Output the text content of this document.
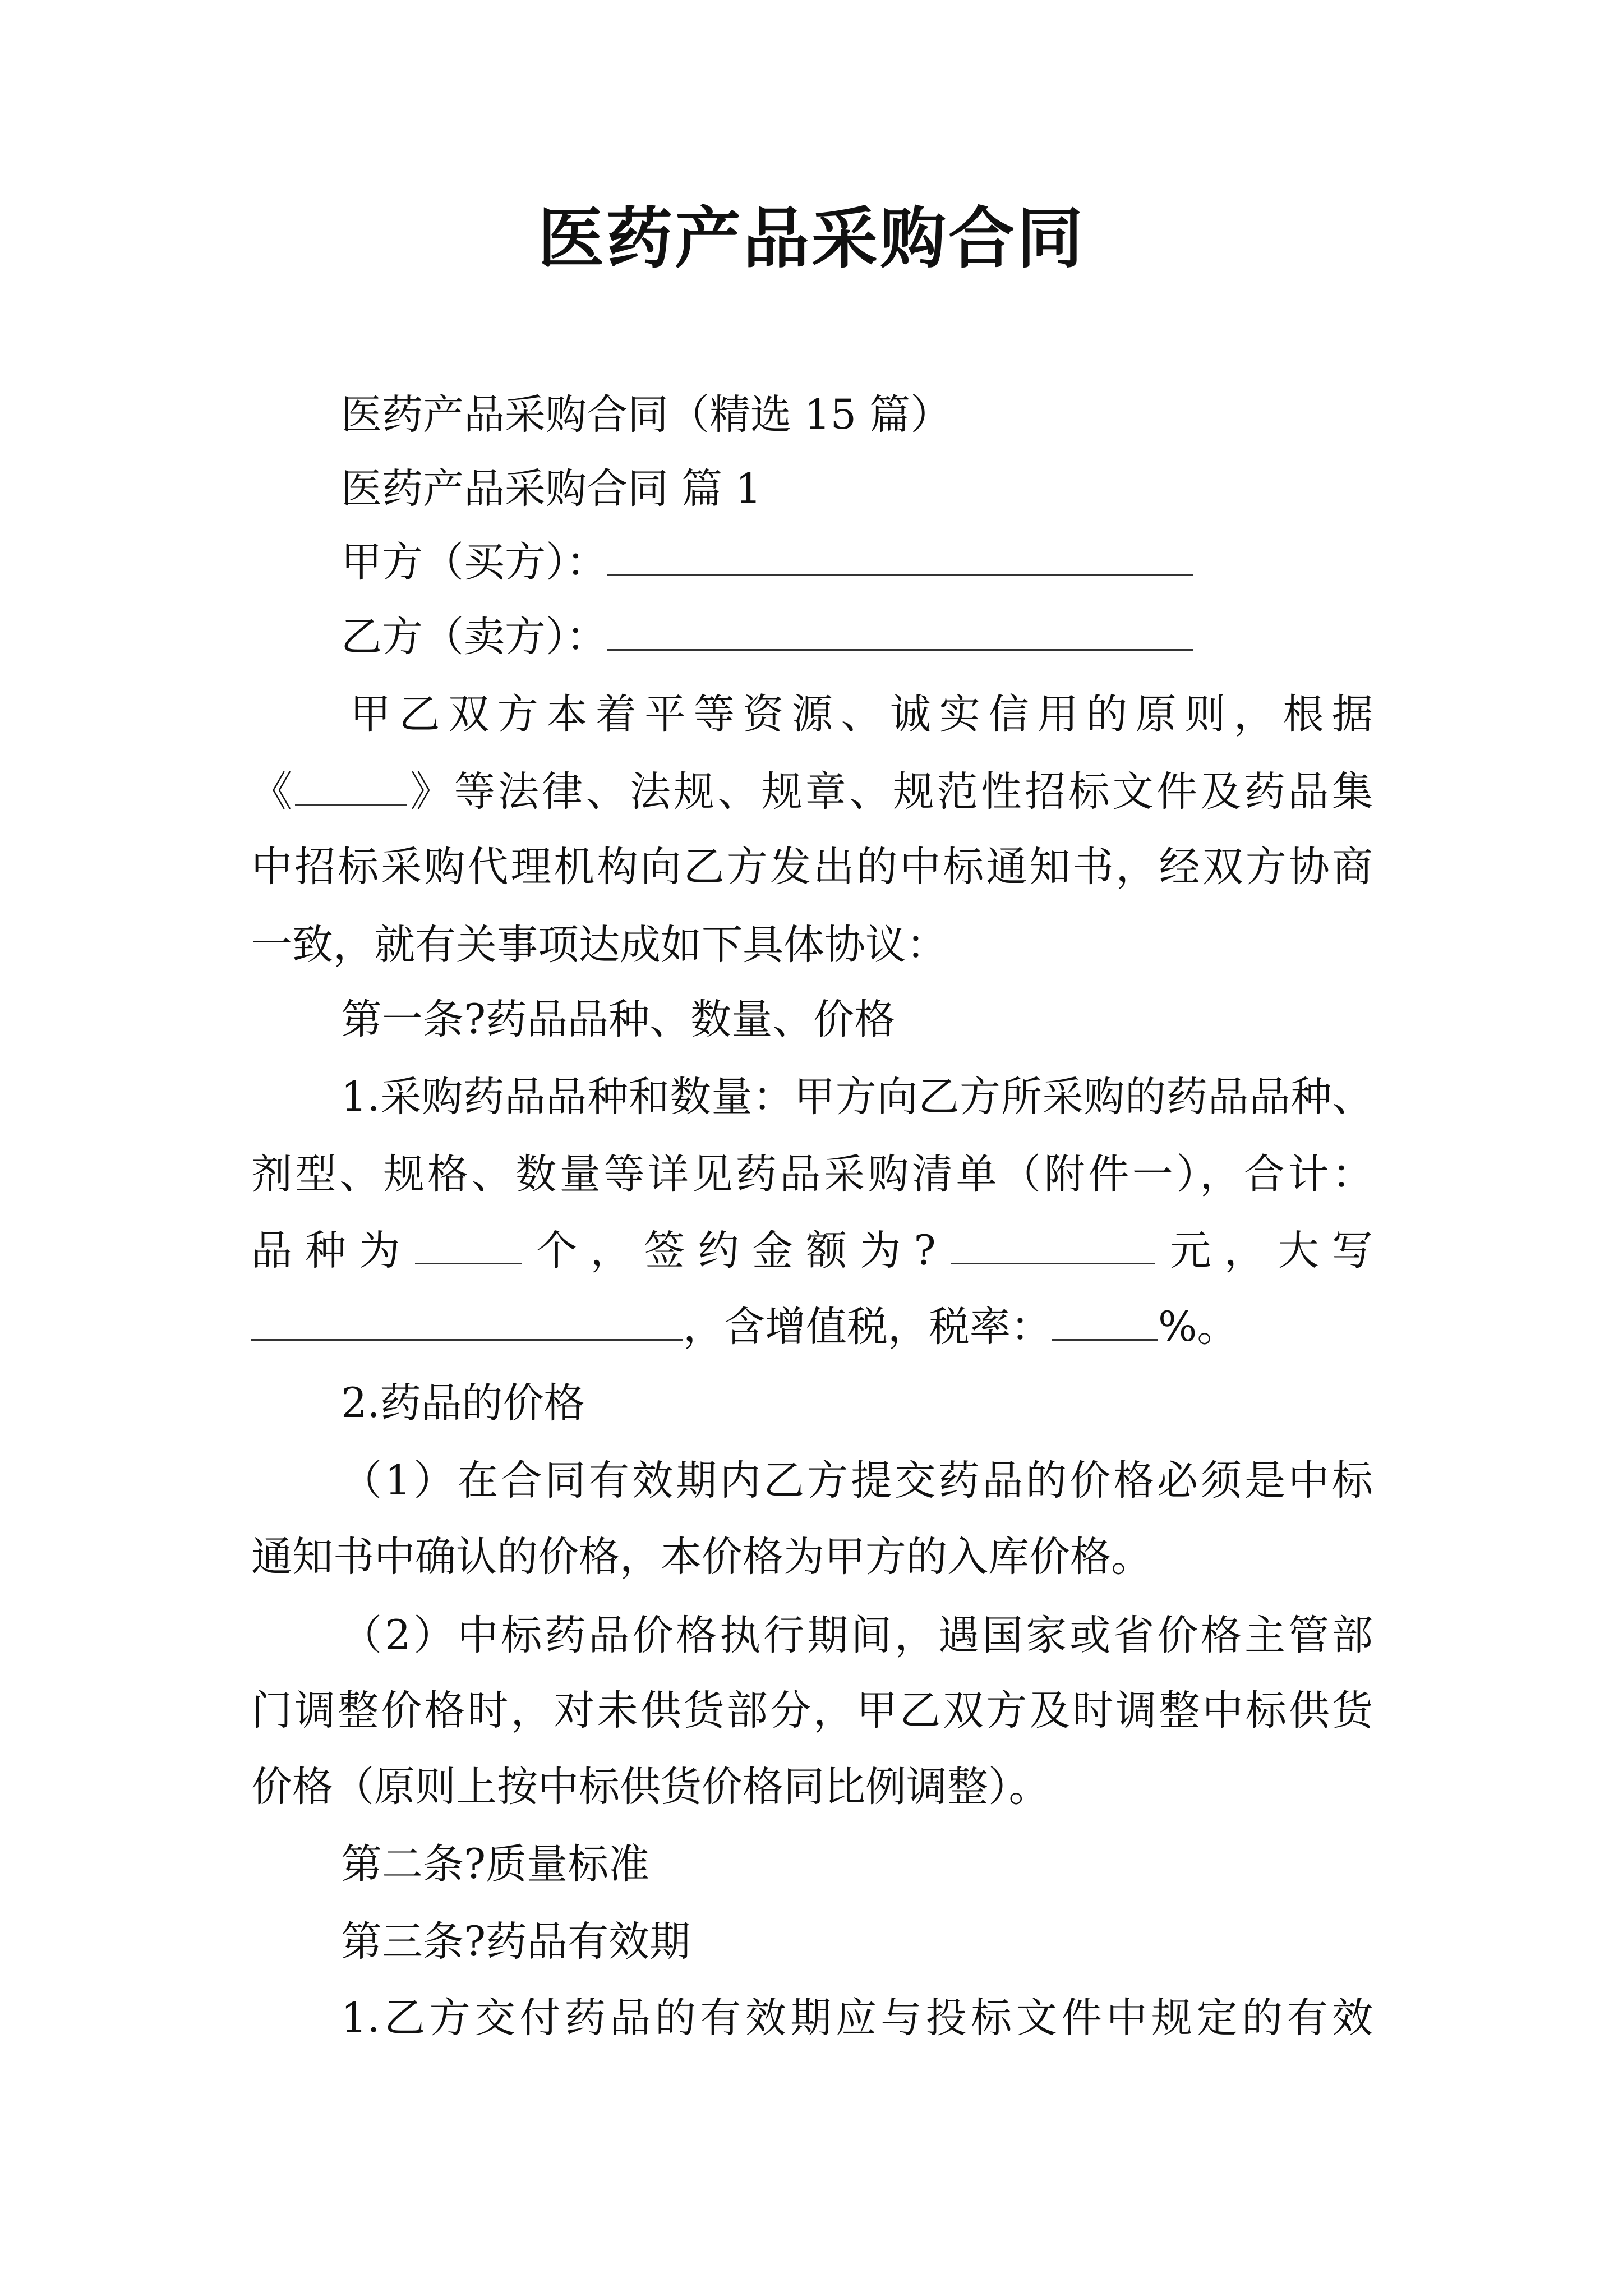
医药产品采购合同

医药产品采购合同（精选 15 篇）

医药产品采购合同 篇 1

甲方（买方）：

乙方（卖方）：

甲乙双方本着平等资源、诚实信用的原则，根据

《	》等法律、法规、规章、规范性招标文件及药品集

中招标采购代理机构向乙方发出的中标通知书，经双方协商

一致，就有关事项达成如下具体协议：

第一条?药品品种、数量、价格

1.采购药品品种和数量：甲方向乙方所采购的药品品种、

剂型、规格、数量等详见药品采购清单（附件一），合计：

品 种 为	个 ， 签 约 金 额 为 ?	元 ， 大 写

，含增值税，税率：	%。

2.药品的价格

（1）在合同有效期内乙方提交药品的价格必须是中标

通知书中确认的价格，本价格为甲方的入库价格。

（2）中标药品价格执行期间，遇国家或省价格主管部

门调整价格时，对未供货部分，甲乙双方及时调整中标供货

价格（原则上按中标供货价格同比例调整）。

第二条?质量标准

第三条?药品有效期

1.乙方交付药品的有效期应与投标文件中规定的有效
